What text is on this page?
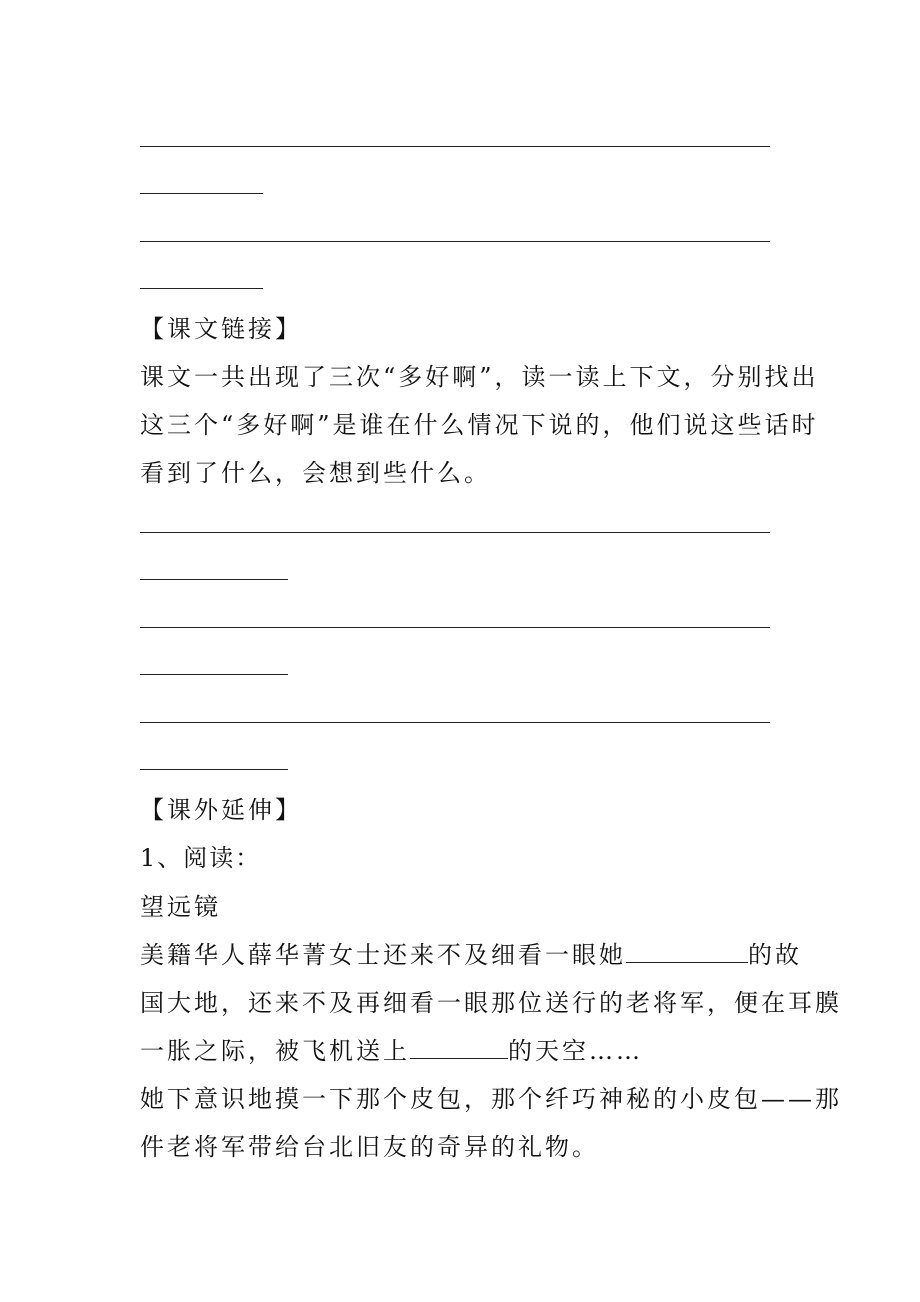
【课文链接】
课文一共出现了三次“多好啊”，读一读上下文，分别找出
这三个“多好啊”是谁在什么情况下说的，他们说这些话时
看到了什么，会想到些什么。
【课外延伸】
1、阅读：
望远镜
美籍华人薛华菁女士还来不及细看一眼她	的故
国大地，还来不及再细看一眼那位送行的老将军，便在耳膜
一胀之际，被飞机送上	的天空……
她下意识地摸一下那个皮包，那个纤巧神秘的小皮包——那
件老将军带给台北旧友的奇异的礼物。
